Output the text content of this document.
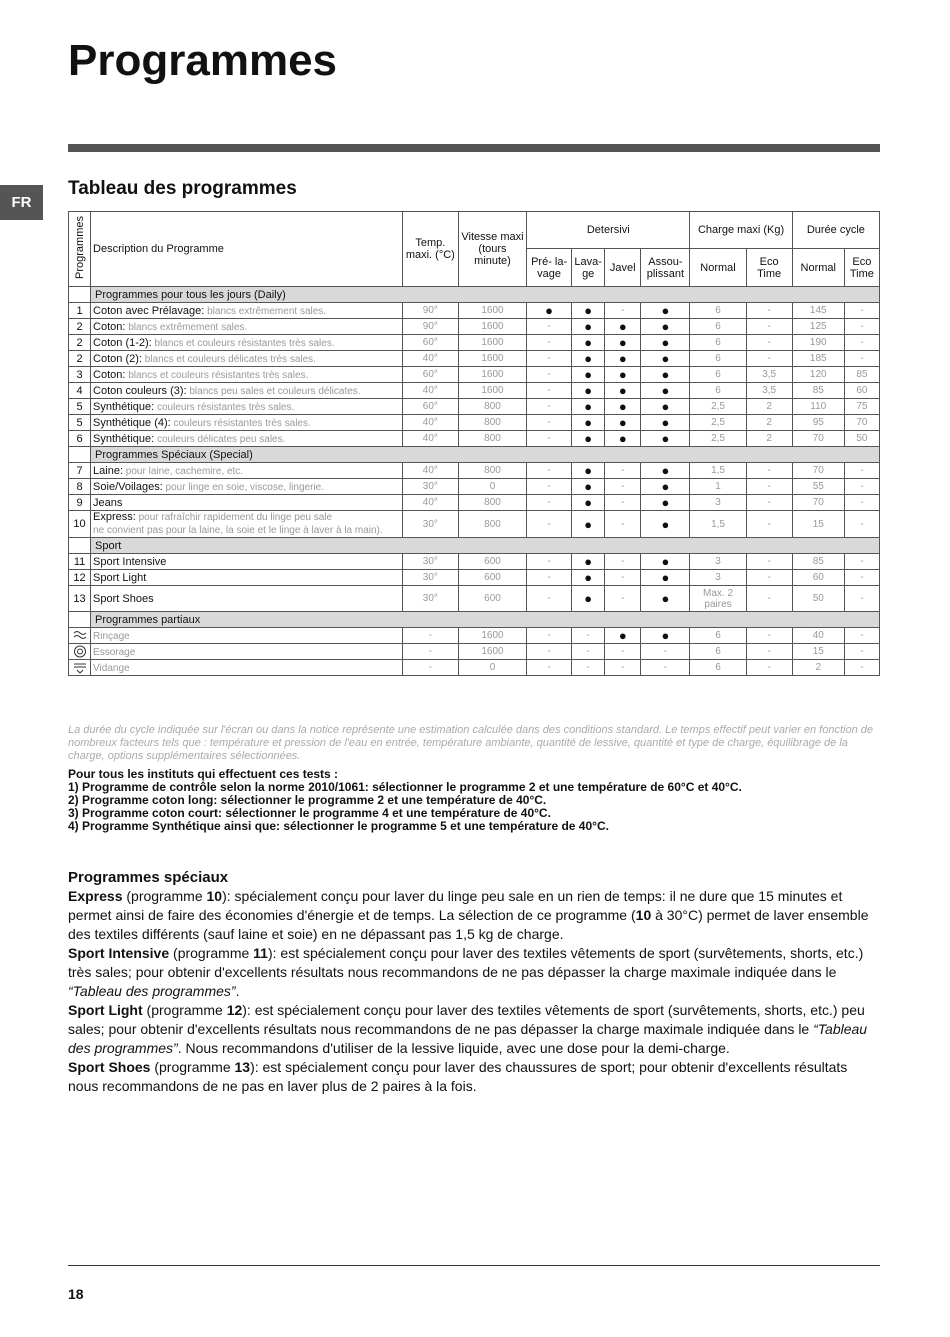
Programmes
FR
Tableau des programmes
Programmes	Description du Programme	Temp. maxi. (°C)	Vitesse maxi (tours minute)	Detersivi				Charge maxi (Kg)		Durée cycle	
				Pré- la- vage	Lava- ge	Javel	Assou- plissant	Normal	Eco Time	Normal	Eco Time
	Programmes pour tous les jours (Daily)										
1	Coton avec Prélavage: blancs extrêmement sales.	90°	1600	●	●	-	●	6	-	145	-
2	Coton: blancs extrêmement sales.	90°	1600	-	●	●	●	6	-	125	-
2	Coton (1-2): blancs et couleurs résistantes très sales.	60°	1600	-	●	●	●	6	-	190	-
2	Coton (2): blancs et couleurs délicates très sales.	40°	1600	-	●	●	●	6	-	185	-
3	Coton: blancs et couleurs résistantes très sales.	60°	1600	-	●	●	●	6	3,5	120	85
4	Coton couleurs (3): blancs peu sales et couleurs délicates.	40°	1600	-	●	●	●	6	3,5	85	60
5	Synthétique: couleurs résistantes très sales.	60°	800	-	●	●	●	2,5	2	110	75
5	Synthétique (4): couleurs résistantes très sales.	40°	800	-	●	●	●	2,5	2	95	70
6	Synthétique: couleurs délicates peu sales.	40°	800	-	●	●	●	2,5	2	70	50
	Programmes Spéciaux (Special)										
7	Laine: pour laine, cachemire, etc.	40°	800	-	●	-	●	1,5	-	70	-
8	Soie/Voilages: pour linge en soie, viscose, lingerie.	30°	0	-	●	-	●	1	-	55	-
9	Jeans	40°	800	-	●	-	●	3	-	70	-
10	Express: pour rafraîchir rapidement du linge peu sale
ne convient pas pour la laine, la soie et le linge à laver à la main).	30°	800	-	●	-	●	1,5	-	15	-
	Sport										
11	Sport Intensive	30°	600	-	●	-	●	3	-	85	-
12	Sport Light	30°	600	-	●	-	●	3	-	60	-
13	Sport Shoes	30°	600	-	●	-	●	Max. 2 paires	-	50	-
	Programmes partiaux										
	Rinçage	-	1600	-	-	●	●	6	-	40	-
	Essorage	-	1600	-	-	-	-	6	-	15	-
	Vidange	-	0	-	-	-	-	6	-	2	-
La durée du cycle indiquée sur l'écran ou dans la notice représente une estimation calculée dans des conditions standard. Le temps effectif peut varier en fonction de nombreux facteurs tels que : température et pression de l'eau en entrée, température ambiante, quantité de lessive, quantité et type de charge, équilibrage de la charge, options supplémentaires sélectionnées.
Pour tous les instituts qui effectuent ces tests :
1) Programme de contrôle selon la norme 2010/1061: sélectionner le programme 2 et une température de 60°C et 40°C.
2) Programme coton long: sélectionner le programme 2 et une température de 40°C.
3) Programme coton court: sélectionner le programme 4 et une température de 40°C.
4) Programme Synthétique ainsi que: sélectionner le programme 5 et une température de 40°C.
Programmes spéciaux

Express (programme 10): spécialement conçu pour laver du linge peu sale en un rien de temps: il ne dure que 15 minutes et permet ainsi de faire des économies d'énergie et de temps. La sélection de ce programme (10 à 30°C) permet de laver ensemble des textiles différents (sauf laine et soie) en ne dépassant pas 1,5 kg de charge.

Sport Intensive (programme 11): est spécialement conçu pour laver des textiles vêtements de sport (survêtements, shorts, etc.) très sales; pour obtenir d'excellents résultats nous recommandons de ne pas dépasser la charge maximale indiquée dans le “Tableau des programmes”.

Sport Light (programme 12): est spécialement conçu pour laver des textiles vêtements de sport (survêtements, shorts, etc.) peu sales; pour obtenir d'excellents résultats nous recommandons de ne pas dépasser la charge maximale indiquée dans le “Tableau des programmes”. Nous recommandons d'utiliser de la lessive liquide, avec une dose pour la demi-charge.

Sport Shoes (programme 13): est spécialement conçu pour laver des chaussures de sport; pour obtenir d'excellents résultats nous recommandons de ne pas en laver plus de 2 paires à la fois.

18
